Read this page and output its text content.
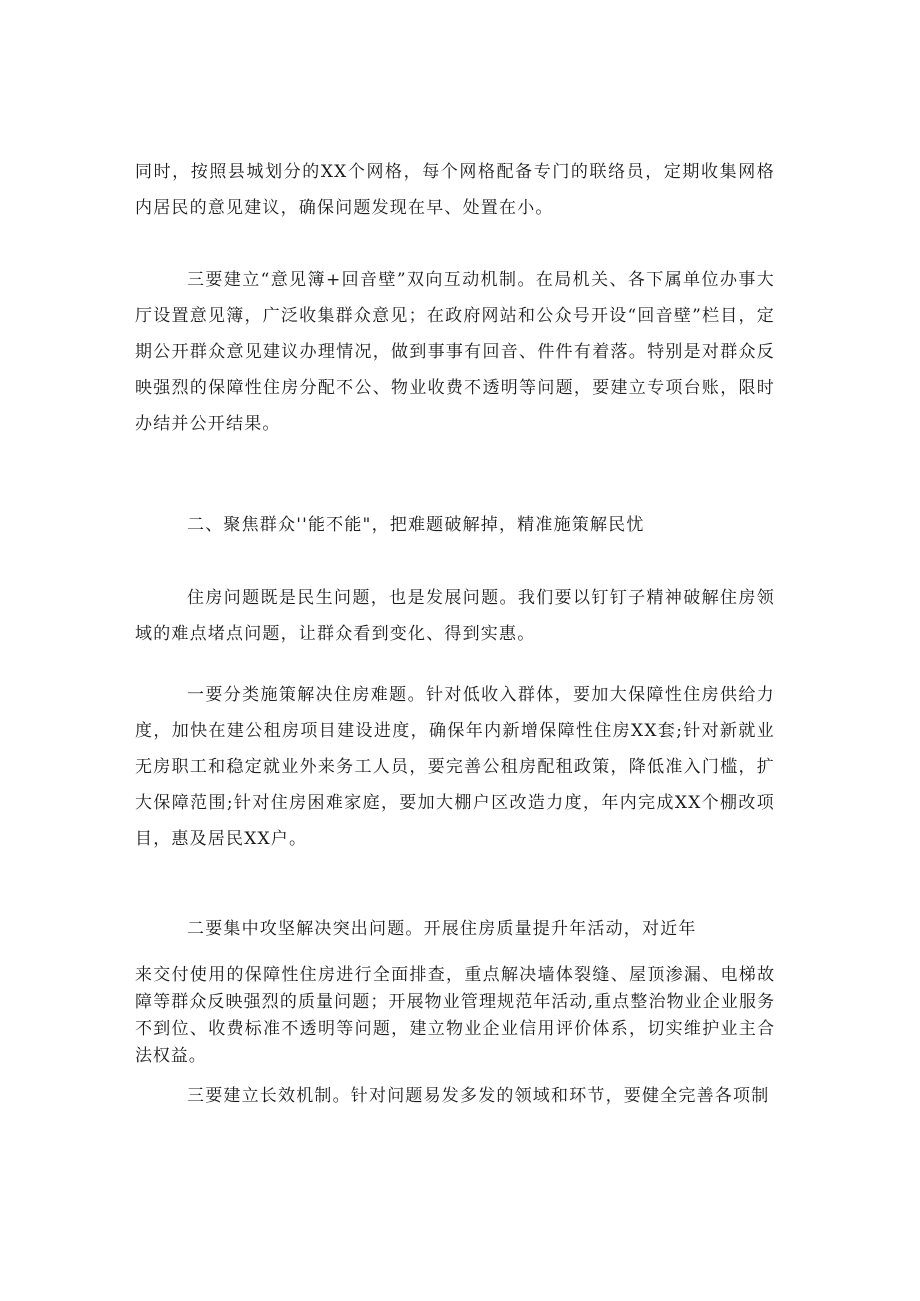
同时，按照县城划分的XX个网格，每个网格配备专门的联络员，定期收集网格内居民的意见建议，确保问题发现在早、处置在小。

三要建立“意见簿+回音壁”双向互动机制。在局机关、各下属单位办事大厅设置意见簿，广泛收集群众意见；在政府网站和公众号开设“回音壁”栏目，定期公开群众意见建议办理情况，做到事事有回音、件件有着落。特别是对群众反映强烈的保障性住房分配不公、物业收费不透明等问题，要建立专项台账，限时办结并公开结果。

二、聚焦群众''能不能"，把难题破解掉，精准施策解民忧

住房问题既是民生问题，也是发展问题。我们要以钉钉子精神破解住房领域的难点堵点问题，让群众看到变化、得到实惠。

一要分类施策解决住房难题。针对低收入群体，要加大保障性住房供给力度，加快在建公租房项目建设进度，确保年内新增保障性住房XX套;针对新就业无房职工和稳定就业外来务工人员，要完善公租房配租政策，降低准入门槛，扩大保障范围;针对住房困难家庭，要加大棚户区改造力度，年内完成XX个棚改项目，惠及居民XX户。

二要集中攻坚解决突出问题。开展住房质量提升年活动，对近年

来交付使用的保障性住房进行全面排查，重点解决墙体裂缝、屋顶渗漏、电梯故障等群众反映强烈的质量问题；开展物业管理规范年活动,重点整治物业企业服务不到位、收费标准不透明等问题，建立物业企业信用评价体系，切实维护业主合法权益。

三要建立长效机制。针对问题易发多发的领域和环节，要健全完善各项制
